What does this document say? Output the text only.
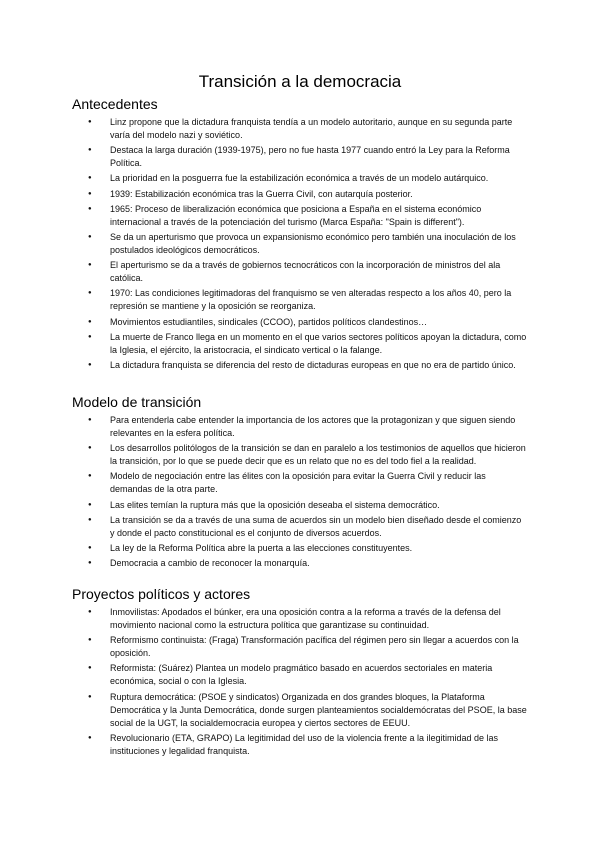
Transición a la democracia
Antecedentes
● Linz propone que la dictadura franquista tendía a un modelo autoritario, aunque en su segunda parte varía del modelo nazi y soviético.
● Destaca la larga duración (1939-1975), pero no fue hasta 1977 cuando entró la Ley para la Reforma Política.
● La prioridad en la posguerra fue la estabilización económica a través de un modelo autárquico.
● 1939: Estabilización económica tras la Guerra Civil, con autarquía posterior.
● 1965: Proceso de liberalización económica que posiciona a España en el sistema económico internacional a través de la potenciación del turismo (Marca España: "Spain is different").
● Se da un aperturismo que provoca un expansionismo económico pero también una inoculación de los postulados ideológicos democráticos.
● El aperturismo se da a través de gobiernos tecnocráticos con la incorporación de ministros del ala católica.
● 1970: Las condiciones legitimadoras del franquismo se ven alteradas respecto a los años 40, pero la represión se mantiene y la oposición se reorganiza.
● Movimientos estudiantiles, sindicales (CCOO), partidos políticos clandestinos…
● La muerte de Franco llega en un momento en el que varios sectores políticos apoyan la dictadura, como la Iglesia, el ejército, la aristocracia, el sindicato vertical o la falange.
● La dictadura franquista se diferencia del resto de dictaduras europeas en que no era de partido único.
Modelo de transición
● Para entenderla cabe entender la importancia de los actores que la protagonizan y que siguen siendo relevantes en la esfera política.
● Los desarrollos politólogos de la transición se dan en paralelo a los testimonios de aquellos que hicieron la transición, por lo que se puede decir que es un relato que no es del todo fiel a la realidad.
● Modelo de negociación entre las élites con la oposición para evitar la Guerra Civil y reducir las demandas de la otra parte.
● Las elites temían la ruptura más que la oposición deseaba el sistema democrático.
● La transición se da a través de una suma de acuerdos sin un modelo bien diseñado desde el comienzo y donde el pacto constitucional es el conjunto de diversos acuerdos.
● La ley de la Reforma Política abre la puerta a las elecciones constituyentes.
● Democracia a cambio de reconocer la monarquía.
Proyectos políticos y actores
● Inmovilistas: Apodados el búnker, era una oposición contra a la reforma a través de la defensa del movimiento nacional como la estructura política que garantizase su continuidad.
● Reformismo continuista: (Fraga) Transformación pacífica del régimen pero sin llegar a acuerdos con la oposición.
● Reformista: (Suárez) Plantea un modelo pragmático basado en acuerdos sectoriales en materia económica, social o con la Iglesia.
● Ruptura democrática: (PSOE y sindicatos) Organizada en dos grandes bloques, la Plataforma Democrática y la Junta Democrática, donde surgen planteamientos socialdemócratas del PSOE, la base social de la UGT, la socialdemocracia europea y ciertos sectores de EEUU.
● Revolucionario (ETA, GRAPO) La legitimidad del uso de la violencia frente a la ilegitimidad de las instituciones y legalidad franquista.
